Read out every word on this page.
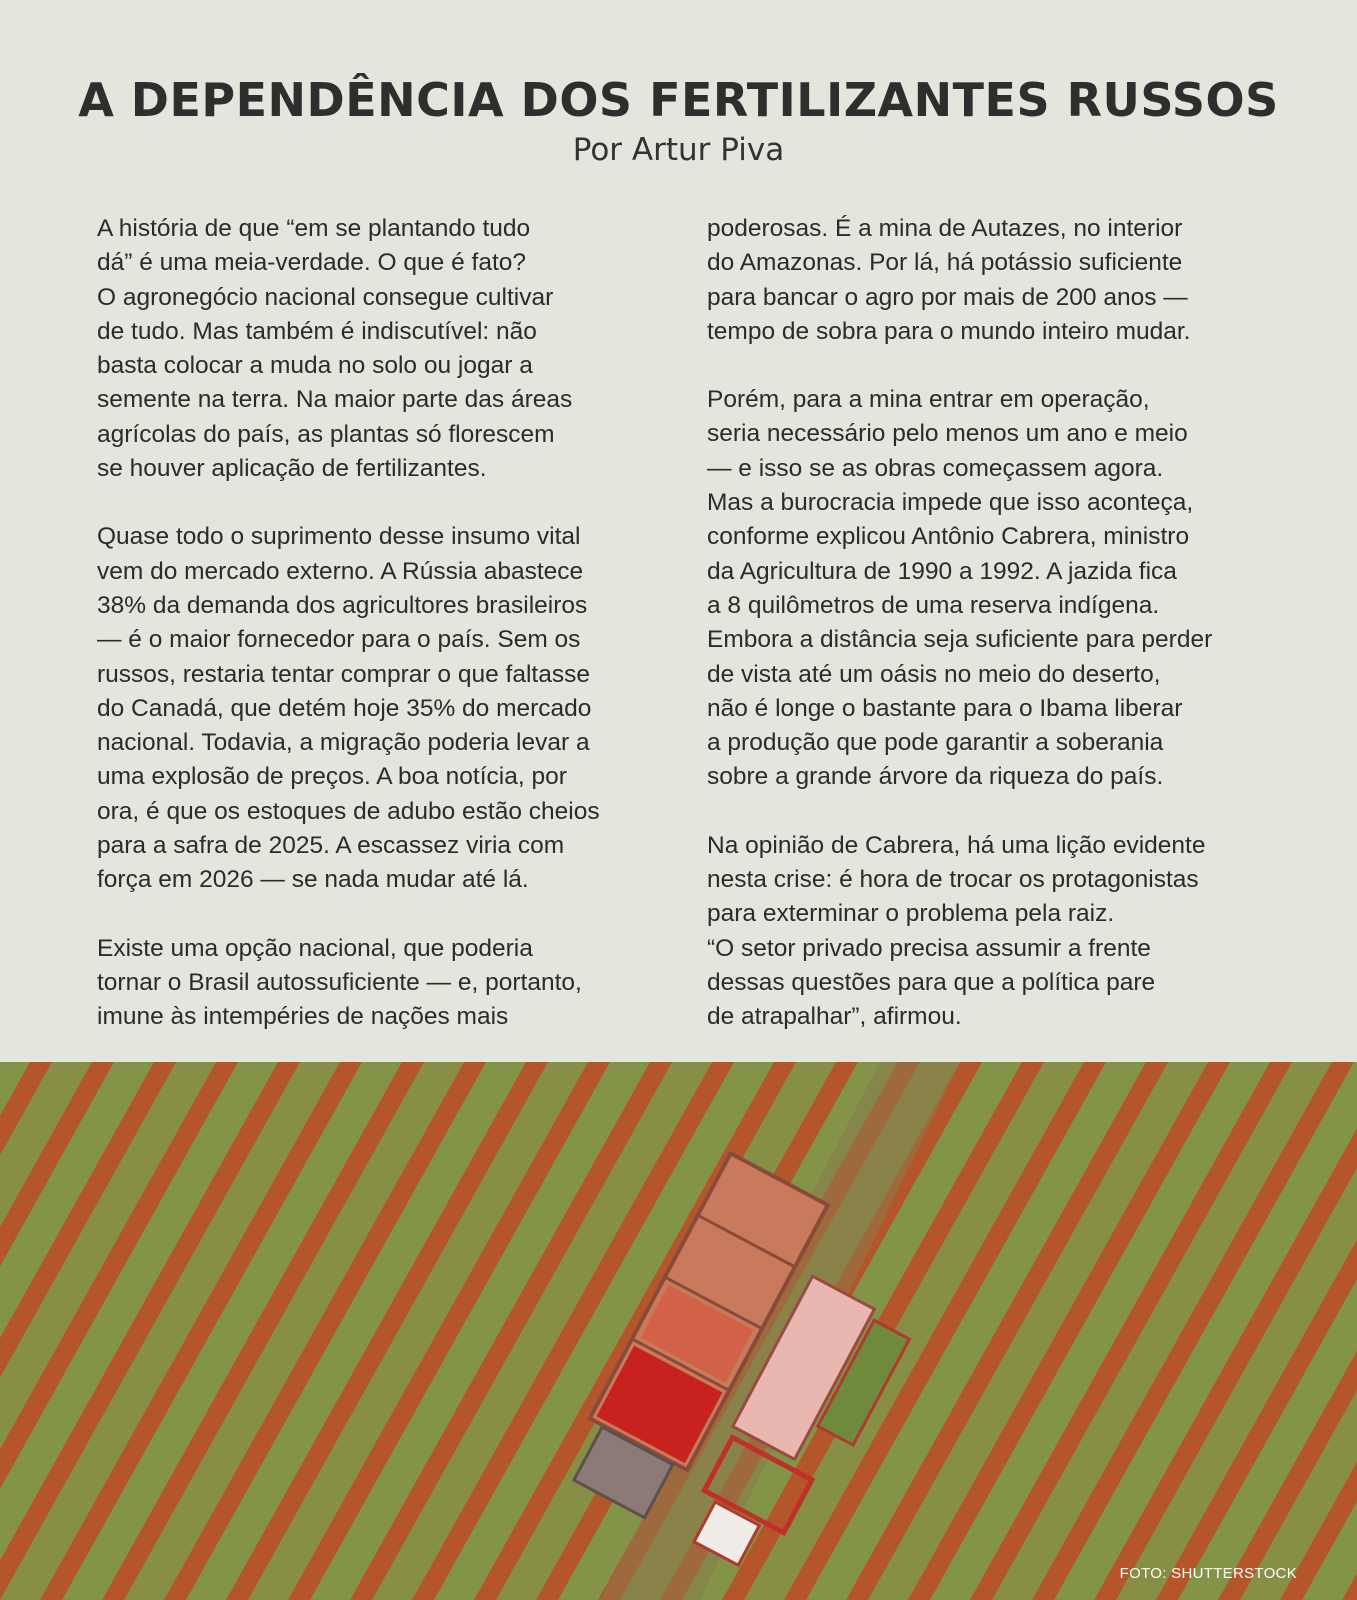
A DEPENDÊNCIA DOS FERTILIZANTES RUSSOS
Por Artur Piva

A história de que “em se plantando tudo
dá” é uma meia-verdade. O que é fato?
O agronegócio nacional consegue cultivar
de tudo. Mas também é indiscutível: não
basta colocar a muda no solo ou jogar a
semente na terra. Na maior parte das áreas
agrícolas do país, as plantas só florescem
se houver aplicação de fertilizantes.

Quase todo o suprimento desse insumo vital
vem do mercado externo. A Rússia abastece
38% da demanda dos agricultores brasileiros
— é o maior fornecedor para o país. Sem os
russos, restaria tentar comprar o que faltasse
do Canadá, que detém hoje 35% do mercado
nacional. Todavia, a migração poderia levar a
uma explosão de preços. A boa notícia, por
ora, é que os estoques de adubo estão cheios
para a safra de 2025. A escassez viria com
força em 2026 — se nada mudar até lá.

Existe uma opção nacional, que poderia
tornar o Brasil autossuficiente — e, portanto,
imune às intempéries de nações mais

poderosas. É a mina de Autazes, no interior
do Amazonas. Por lá, há potássio suficiente
para bancar o agro por mais de 200 anos —
tempo de sobra para o mundo inteiro mudar.

Porém, para a mina entrar em operação,
seria necessário pelo menos um ano e meio
— e isso se as obras começassem agora.
Mas a burocracia impede que isso aconteça,
conforme explicou Antônio Cabrera, ministro
da Agricultura de 1990 a 1992. A jazida fica
a 8 quilômetros de uma reserva indígena.
Embora a distância seja suficiente para perder
de vista até um oásis no meio do deserto,
não é longe o bastante para o Ibama liberar
a produção que pode garantir a soberania
sobre a grande árvore da riqueza do país.

Na opinião de Cabrera, há uma lição evidente
nesta crise: é hora de trocar os protagonistas
para exterminar o problema pela raiz.
“O setor privado precisa assumir a frente
dessas questões para que a política pare
de atrapalhar”, afirmou.

FOTO: SHUTTERSTOCK
